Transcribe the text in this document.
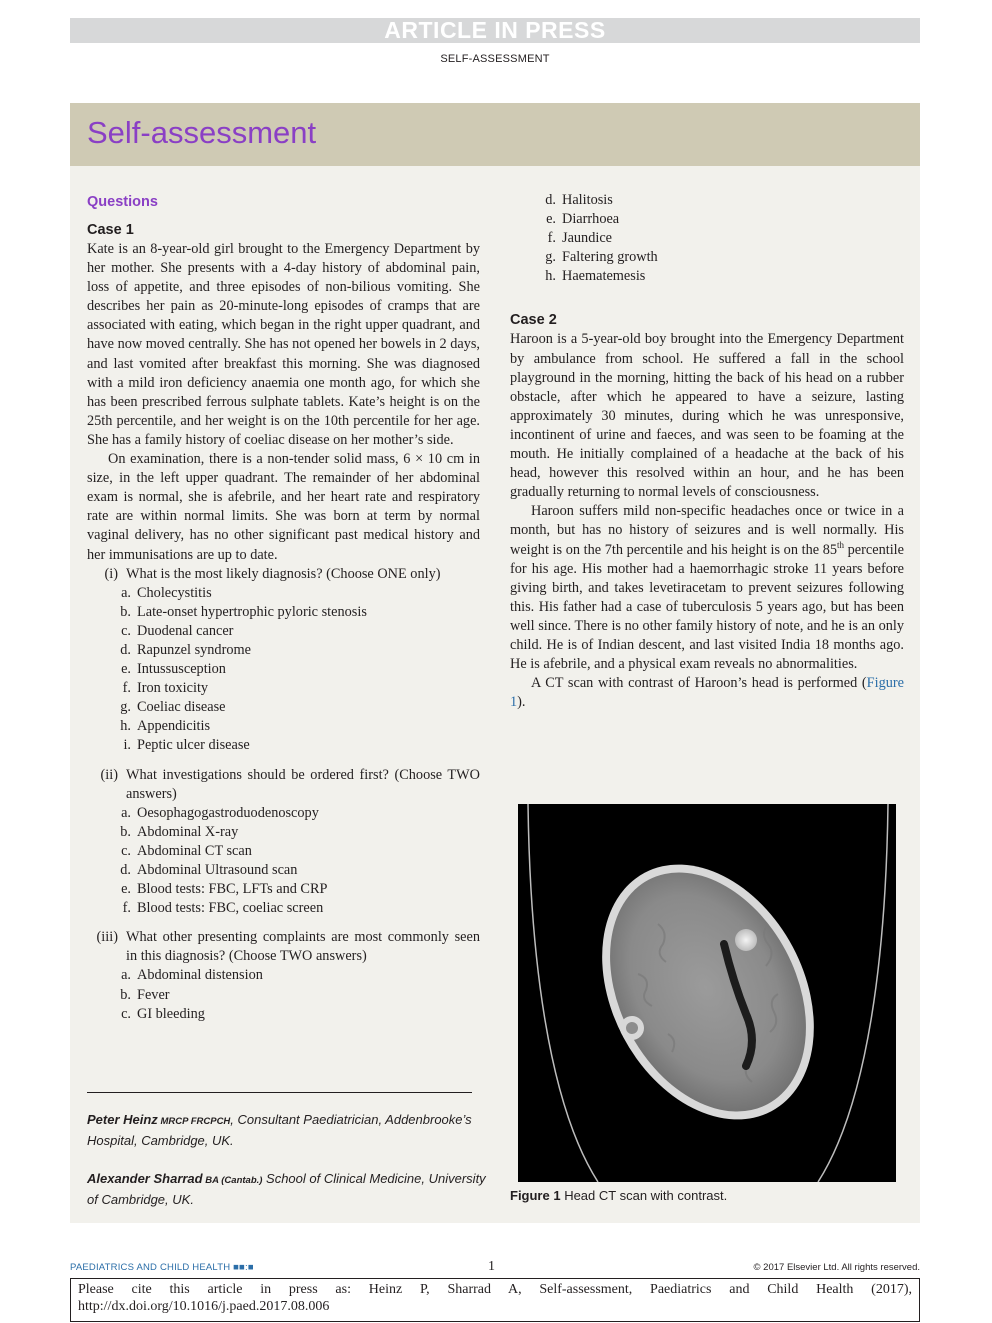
ARTICLE IN PRESS
SELF-ASSESSMENT
Self-assessment
Questions
Case 1

Kate is an 8-year-old girl brought to the Emergency Department by her mother. She presents with a 4-day history of abdominal pain, loss of appetite, and three episodes of non-bilious vomiting. She describes her pain as 20-minute-long episodes of cramps that are associated with eating, which began in the right upper quadrant, and have now moved centrally. She has not opened her bowels in 2 days, and last vomited after breakfast this morning. She was diagnosed with a mild iron deficiency anaemia one month ago, for which she has been prescribed ferrous sulphate tablets. Kate’s height is on the 25th percentile, and her weight is on the 10th percentile for her age. She has a family history of coeliac disease on her mother’s side.

On examination, there is a non-tender solid mass, 6 × 10 cm in size, in the left upper quadrant. The remainder of her abdominal exam is normal, she is afebrile, and her heart rate and respiratory rate are within normal limits. She was born at term by normal vaginal delivery, has no other significant past medical history and her immunisations are up to date.

(i) What is the most likely diagnosis? (Choose ONE only)
a. Cholecystitis
b. Late-onset hypertrophic pyloric stenosis
c. Duodenal cancer
d. Rapunzel syndrome
e. Intussusception
f. Iron toxicity
g. Coeliac disease
h. Appendicitis
i. Peptic ulcer disease
(ii) What investigations should be ordered first? (Choose TWO answers)
a. Oesophagogastroduodenoscopy
b. Abdominal X-ray
c. Abdominal CT scan
d. Abdominal Ultrasound scan
e. Blood tests: FBC, LFTs and CRP
f. Blood tests: FBC, coeliac screen
(iii) What other presenting complaints are most commonly seen in this diagnosis? (Choose TWO answers)
a. Abdominal distension
b. Fever
c. GI bleeding
Peter Heinz MRCP FRCPCH, Consultant Paediatrician, Addenbrooke’s Hospital, Cambridge, UK.
Alexander Sharrad BA (Cantab.) School of Clinical Medicine, University of Cambridge, UK.
d. Halitosis
e. Diarrhoea
f. Jaundice
g. Faltering growth
h. Haematemesis
Case 2

Haroon is a 5-year-old boy brought into the Emergency Department by ambulance from school. He suffered a fall in the school playground in the morning, hitting the back of his head on a rubber obstacle, after which he appeared to have a seizure, lasting approximately 30 minutes, during which he was unresponsive, incontinent of urine and faeces, and was seen to be foaming at the mouth. He initially complained of a headache at the back of his head, however this resolved within an hour, and he has been gradually returning to normal levels of consciousness.

Haroon suffers mild non-specific headaches once or twice in a month, but has no history of seizures and is well normally. His weight is on the 7th percentile and his height is on the 85th percentile for his age. His mother had a haemorrhagic stroke 11 years before giving birth, and takes levetiracetam to prevent seizures following this. His father had a case of tuberculosis 5 years ago, but has been well since. There is no other family history of note, and he is an only child. He is of Indian descent, and last visited India 18 months ago. He is afebrile, and a physical exam reveals no abnormalities.

A CT scan with contrast of Haroon’s head is performed (Figure 1).

Figure 1 Head CT scan with contrast.
PAEDIATRICS AND CHILD HEALTH ■■:■	1	© 2017 Elsevier Ltd. All rights reserved.
Please cite this article in press as: Heinz P, Sharrad A, Self-assessment, Paediatrics and Child Health (2017), http://dx.doi.org/10.1016/j.paed.2017.08.006
